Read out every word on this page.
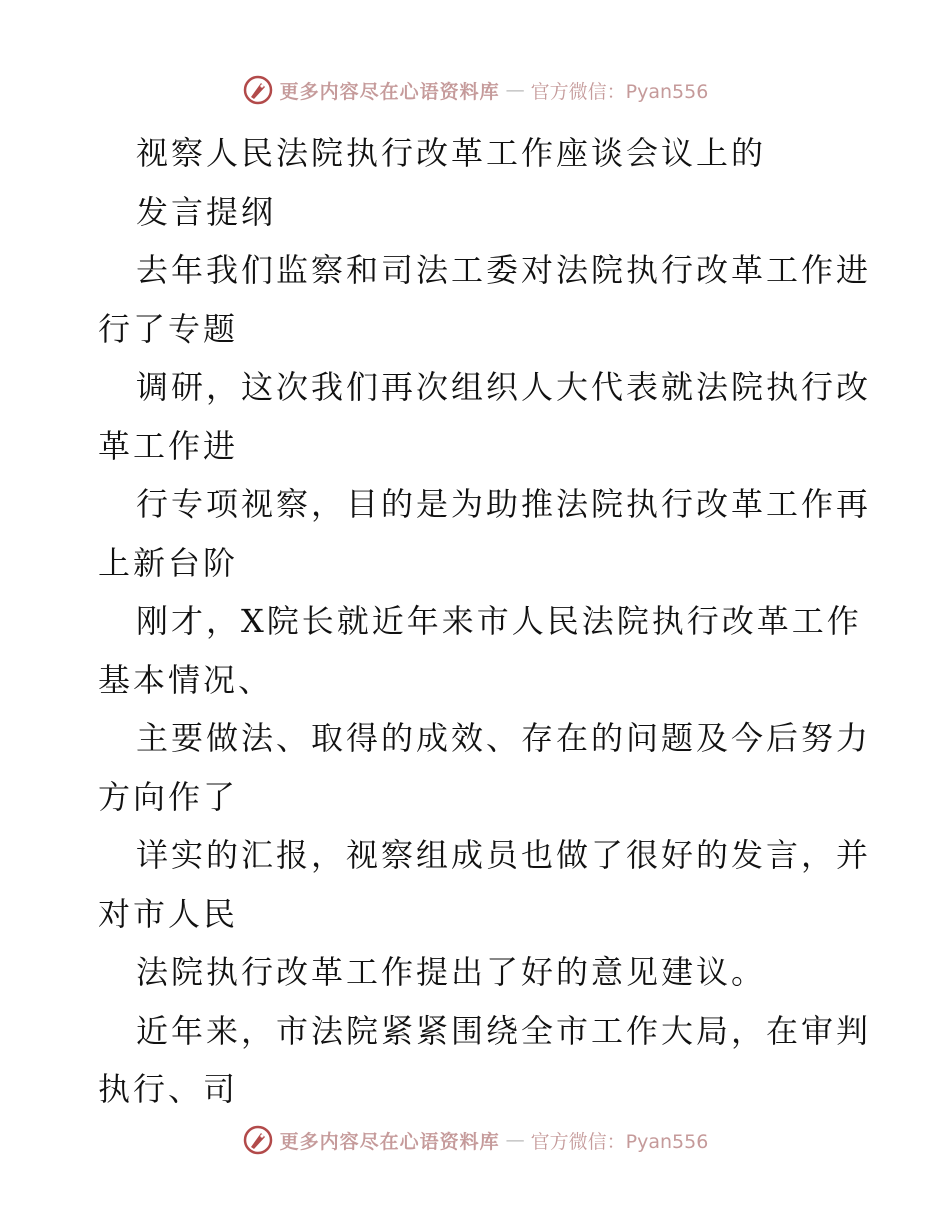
更多内容尽在心语资料库 — 官方微信：Pyan556
视察人民法院执行改革工作座谈会议上的
发言提纲
去年我们监察和司法工委对法院执行改革工作进
行了专题
调研，这次我们再次组织人大代表就法院执行改
革工作进
行专项视察，目的是为助推法院执行改革工作再
上新台阶
刚才，X院长就近年来市人民法院执行改革工作
基本情况、
主要做法、取得的成效、存在的问题及今后努力
方向作了
详实的汇报，视察组成员也做了很好的发言，并
对市人民
法院执行改革工作提出了好的意见建议。
近年来，市法院紧紧围绕全市工作大局，在审判
执行、司
更多内容尽在心语资料库 — 官方微信：Pyan556
